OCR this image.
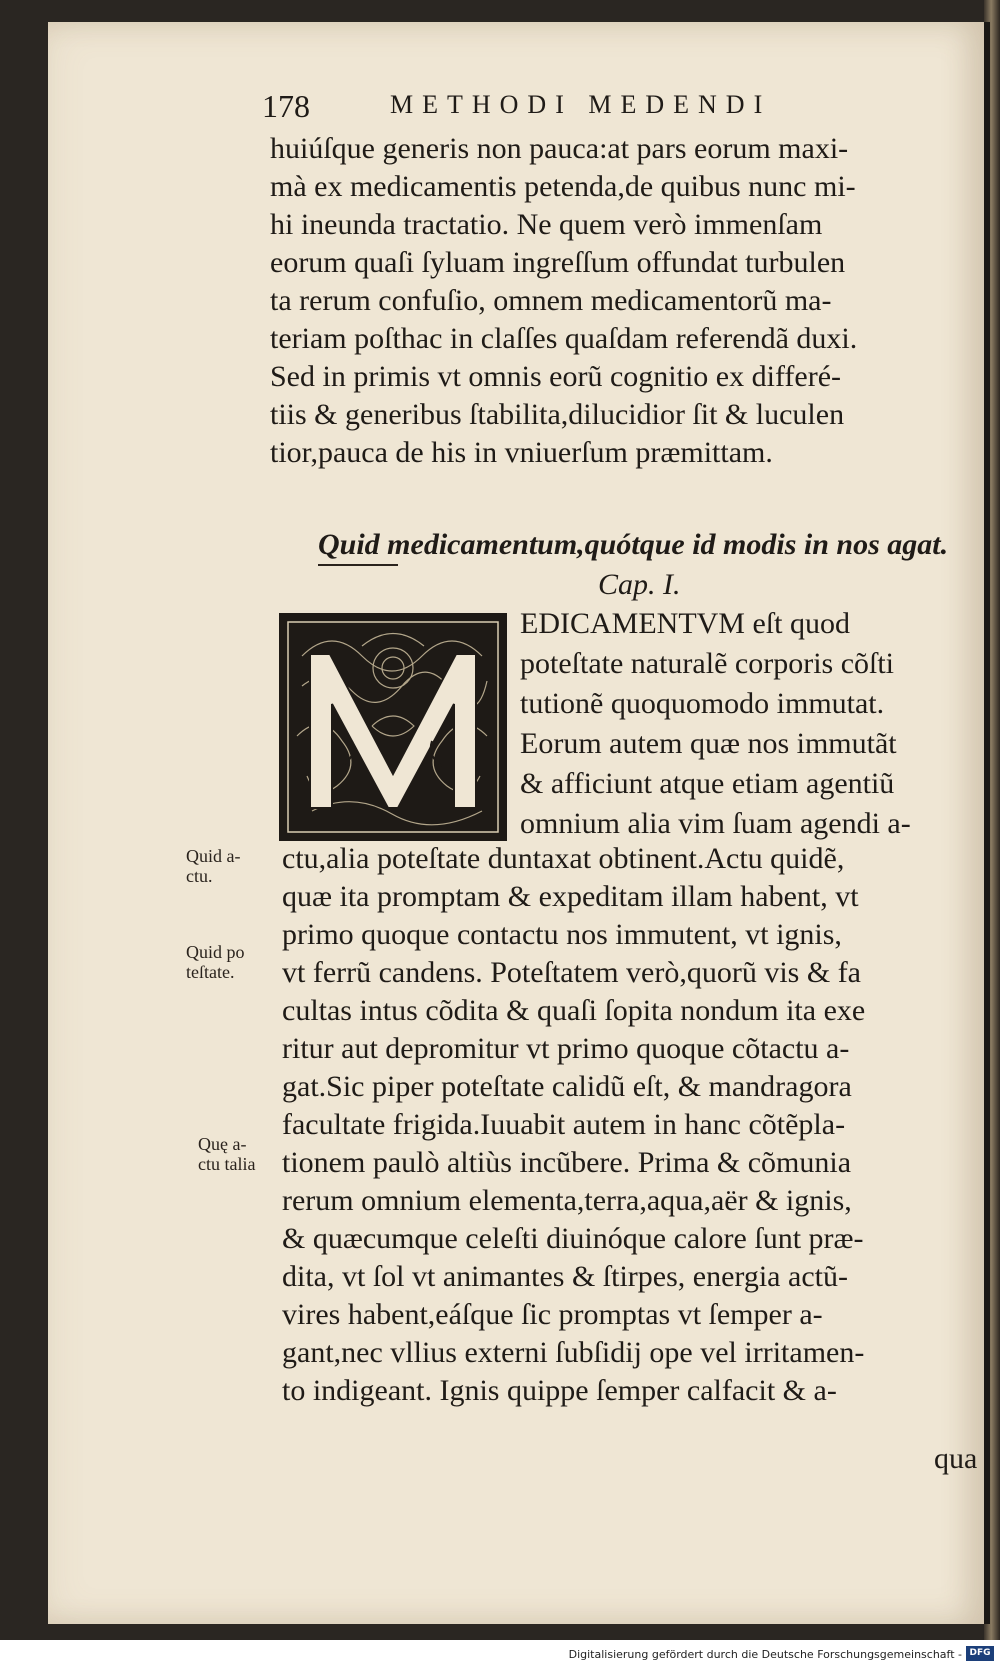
178	METHODI MEDENDI
huiúſque generis non pauca:at pars eorum maxi-
mà ex medicamentis petenda,de quibus nunc mi-
hi ineunda tractatio. Ne quem verò immenſam
eorum quaſi ſyluam ingreſſum offundat turbulen
ta rerum confuſio, omnem medicamentorũ ma-
teriam poſthac in claſſes quaſdam referendã duxi.
Sed in primis vt omnis eorũ cognitio ex differé-
tiis & generibus ſtabilita,dilucidior ſit & luculen
tior,pauca de his in vniuerſum præmittam.
Quid medicamentum,quótque id modis in nos agat.
Cap. I.
EDICAMENTVM eſt quod
poteſtate naturalẽ corporis cõſti
tutionẽ quoquomodo immutat.
Eorum autem quæ nos immutãt
& afficiunt atque etiam agentiũ
omnium alia vim ſuam agendi a-
ctu,alia poteſtate duntaxat obtinent.Actu quidẽ,
quæ ita promptam & expeditam illam habent, vt
primo quoque contactu nos immutent, vt ignis,
vt ferrũ candens. Poteſtatem verò,quorũ vis & fa
cultas intus cõdita & quaſi ſopita nondum ita exe
ritur aut depromitur vt primo quoque cõtactu a-
gat.Sic piper poteſtate calidũ eſt, & mandragora
facultate frigida.Iuuabit autem in hanc cõtẽpla-
tionem paulò altiùs incũbere. Prima & cõmunia
rerum omnium elementa,terra,aqua,aër & ignis,
& quæcumque celeſti diuinóque calore ſunt præ-
dita, vt ſol vt animantes & ſtirpes, energia actũ-
vires habent,eáſque ſic promptas vt ſemper a-
gant,nec vllius externi ſubſidij ope vel irritamen-
to indigeant. Ignis quippe ſemper calfacit & a-
qua
Quid a-
ctu.
Quid po
teſtate.
Quę a-
ctu talia
Digitalisierung gefördert durch die Deutsche Forschungsgemeinschaft - DFG
